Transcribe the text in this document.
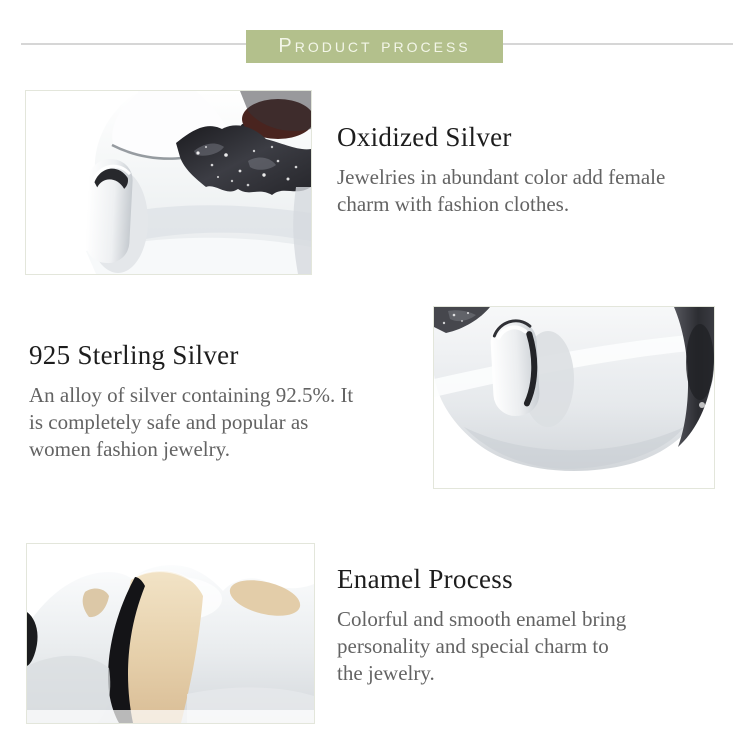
Product process
Oxidized Silver
Jewelries in abundant color add female
charm with fashion clothes.
925 Sterling Silver
An alloy of silver containing 92.5%. It
is completely safe and popular as
women fashion jewelry.
Enamel Process
Colorful and smooth enamel bring
personality and special charm to
the jewelry.
